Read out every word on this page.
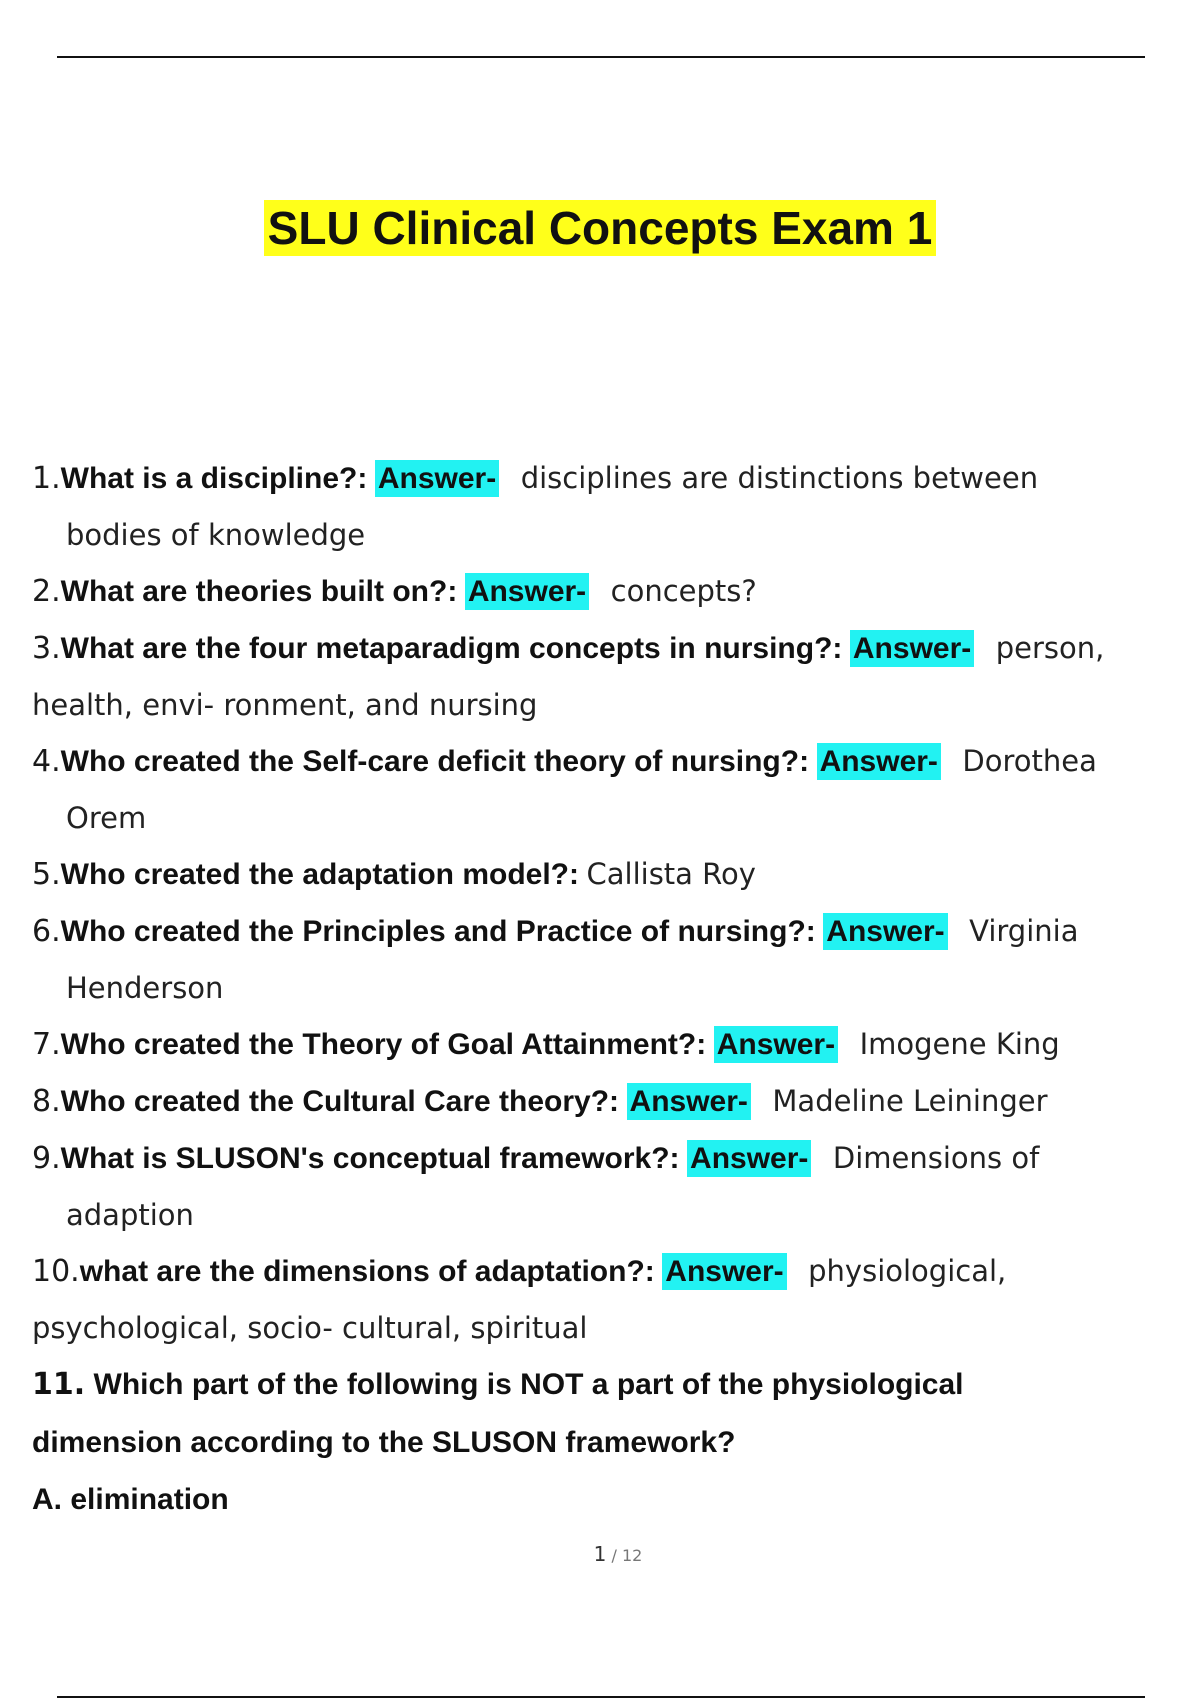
SLU Clinical Concepts Exam 1
1. What is a discipline?: Answer- disciplines are distinctions between
bodies of knowledge
2. What are theories built on?: Answer- concepts?
3. What are the four metaparadigm concepts in nursing?: Answer- person,
health, envi- ronment, and nursing
4. Who created the Self-care deficit theory of nursing?: Answer- Dorothea
Orem
5. Who created the adaptation model?: Callista Roy
6. Who created the Principles and Practice of nursing?: Answer- Virginia
Henderson
7. Who created the Theory of Goal Attainment?: Answer- Imogene King
8. Who created the Cultural Care theory?: Answer- Madeline Leininger
9. What is SLUSON's conceptual framework?: Answer- Dimensions of
adaption
10. what are the dimensions of adaptation?: Answer- physiological,
psychological, socio- cultural, spiritual
11. Which part of the following is NOT a part of the physiological
dimension according to the SLUSON framework?
A. elimination
1 / 12
